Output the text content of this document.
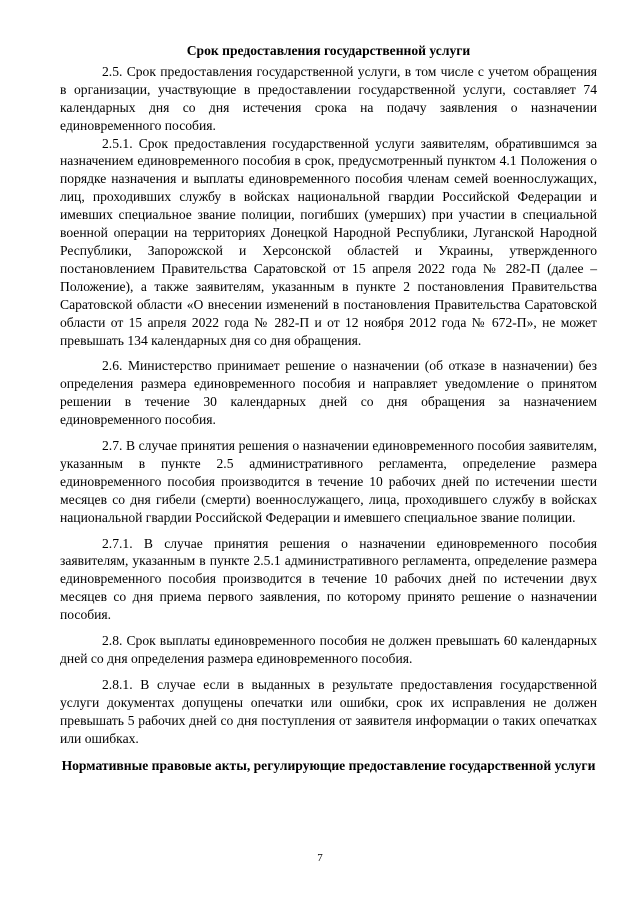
Срок предоставления государственной услуги

2.5. Срок предоставления государственной услуги, в том числе с учетом обращения в организации, участвующие в предоставлении государственной услуги, составляет 74 календарных дня со дня истечения срока на подачу заявления о назначении единовременного пособия.

2.5.1. Срок предоставления государственной услуги заявителям, обратившимся за назначением единовременного пособия в срок, предусмотренный пунктом 4.1 Положения о порядке назначения и выплаты единовременного пособия членам семей военнослужащих, лиц, проходивших службу в войсках национальной гвардии Российской Федерации и имевших специальное звание полиции, погибших (умерших) при участии в специальной военной операции на территориях Донецкой Народной Республики, Луганской Народной Республики, Запорожской и Херсонской областей и Украины, утвержденного постановлением Правительства Саратовской от 15 апреля 2022 года № 282-П (далее – Положение), а также заявителям, указанным в пункте 2 постановления Правительства Саратовской области «О внесении изменений в постановления Правительства Саратовской области от 15 апреля 2022 года № 282-П и от 12 ноября 2012 года № 672-П», не может превышать 134 календарных дня со дня обращения.

2.6. Министерство принимает решение о назначении (об отказе в назначении) без определения размера единовременного пособия и направляет уведомление о принятом решении в течение 30 календарных дней со дня обращения за назначением единовременного пособия.

2.7. В случае принятия решения о назначении единовременного пособия заявителям, указанным в пункте 2.5 административного регламента, определение размера единовременного пособия производится в течение 10 рабочих дней по истечении шести месяцев со дня гибели (смерти) военнослужащего, лица, проходившего службу в войсках национальной гвардии Российской Федерации и имевшего специальное звание полиции.

2.7.1. В случае принятия решения о назначении единовременного пособия заявителям, указанным в пункте 2.5.1 административного регламента, определение размера единовременного пособия производится в течение 10 рабочих дней по истечении двух месяцев со дня приема первого заявления, по которому принято решение о назначении пособия.

2.8. Срок выплаты единовременного пособия не должен превышать 60 календарных дней со дня определения размера единовременного пособия.

2.8.1. В случае если в выданных в результате предоставления государственной услуги документах допущены опечатки или ошибки, срок их исправления не должен превышать 5 рабочих дней со дня поступления от заявителя информации о таких опечатках или ошибках.

Нормативные правовые акты, регулирующие предоставление государственной услуги
7
